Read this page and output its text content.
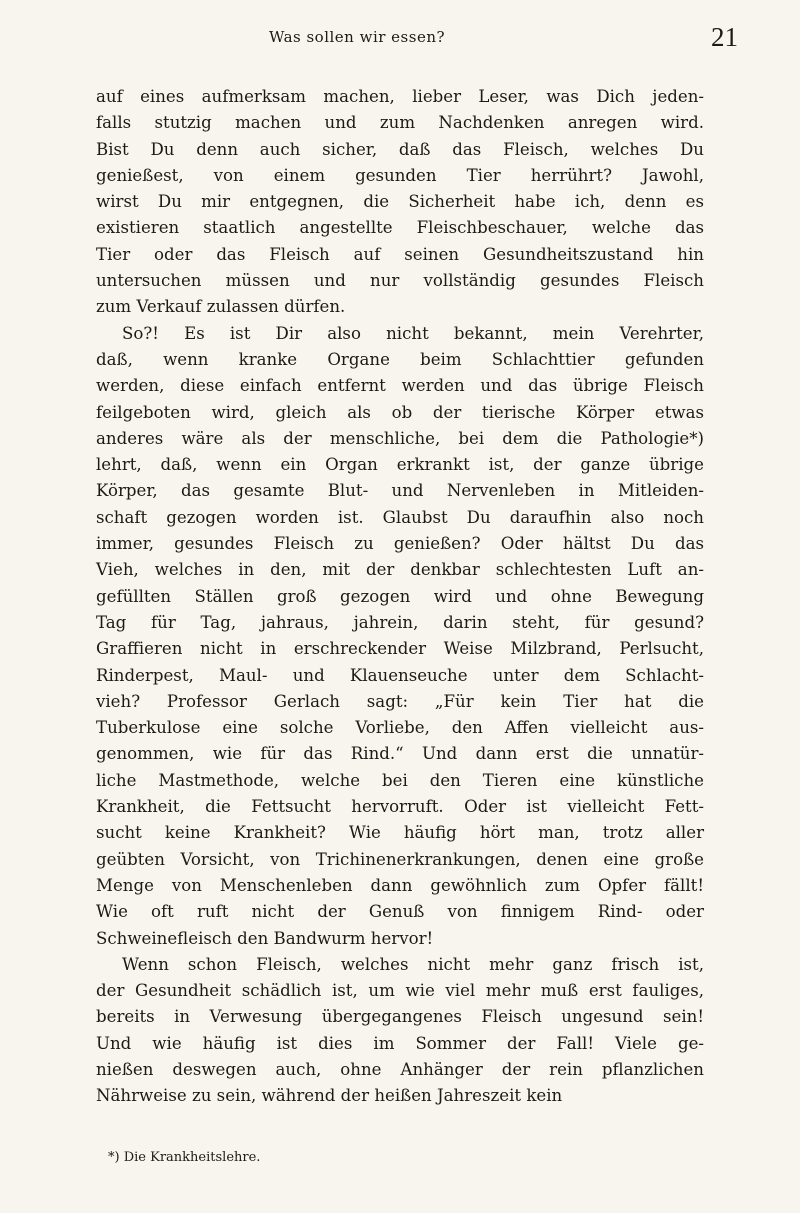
Was sollen wir essen?	21
auf eines aufmerksam machen, lieber Leser, was Dich jeden-
falls stutzig machen und zum Nachdenken anregen wird.
Bist Du denn auch sicher, daß das Fleisch, welches Du
genießest, von einem gesunden Tier herrührt? Jawohl,
wirst Du mir entgegnen, die Sicherheit habe ich, denn es
existieren staatlich angestellte Fleischbeschauer, welche das
Tier oder das Fleisch auf seinen Gesundheitszustand hin
untersuchen müssen und nur vollständig gesundes Fleisch
zum Verkauf zulassen dürfen.
So?! Es ist Dir also nicht bekannt, mein Verehrter,
daß, wenn kranke Organe beim Schlachttier gefunden
werden, diese einfach entfernt werden und das übrige Fleisch
feilgeboten wird, gleich als ob der tierische Körper etwas
anderes wäre als der menschliche, bei dem die Pathologie*)
lehrt, daß, wenn ein Organ erkrankt ist, der ganze übrige
Körper, das gesamte Blut- und Nervenleben in Mitleiden-
schaft gezogen worden ist. Glaubst Du daraufhin also noch
immer, gesundes Fleisch zu genießen? Oder hältst Du das
Vieh, welches in den, mit der denkbar schlechtesten Luft an-
gefüllten Ställen groß gezogen wird und ohne Bewegung
Tag für Tag, jahraus, jahrein, darin steht, für gesund?
Graffieren nicht in erschreckender Weise Milzbrand, Perlsucht,
Rinderpest, Maul- und Klauenseuche unter dem Schlacht-
vieh? Professor Gerlach sagt: „Für kein Tier hat die
Tuberkulose eine solche Vorliebe, den Affen vielleicht aus-
genommen, wie für das Rind.“ Und dann erst die unnatür-
liche Mastmethode, welche bei den Tieren eine künstliche
Krankheit, die Fettsucht hervorruft. Oder ist vielleicht Fett-
sucht keine Krankheit? Wie häufig hört man, trotz aller
geübten Vorsicht, von Trichinenerkrankungen, denen eine große
Menge von Menschenleben dann gewöhnlich zum Opfer fällt!
Wie oft ruft nicht der Genuß von finnigem Rind- oder
Schweinefleisch den Bandwurm hervor!
Wenn schon Fleisch, welches nicht mehr ganz frisch ist,
der Gesundheit schädlich ist, um wie viel mehr muß erst fauliges,
bereits in Verwesung übergegangenes Fleisch ungesund sein!
Und wie häufig ist dies im Sommer der Fall! Viele ge-
nießen deswegen auch, ohne Anhänger der rein pflanzlichen
Nährweise zu sein, während der heißen Jahreszeit kein
*) Die Krankheitslehre.
